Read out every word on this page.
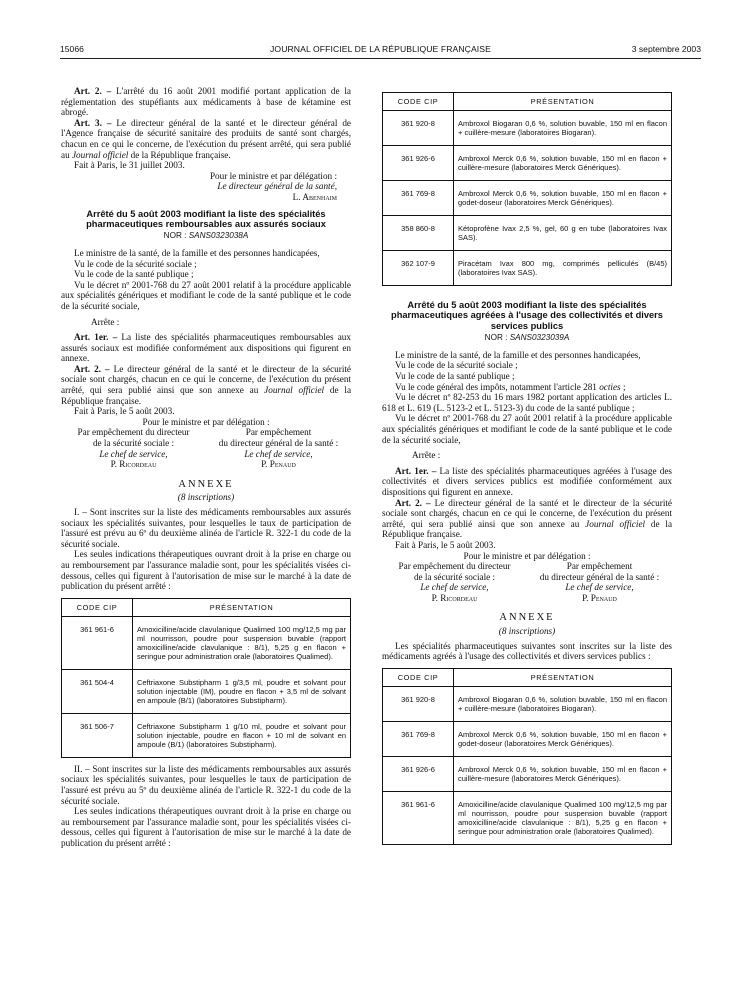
15066	JOURNAL OFFICIEL DE LA RÉPUBLIQUE FRANÇAISE	3 septembre 2003

Art. 2. – L'arrêté du 16 août 2001 modifié portant application de la réglementation des stupéfiants aux médicaments à base de kétamine est abrogé.

Art. 3. – Le directeur général de la santé et le directeur général de l'Agence française de sécurité sanitaire des produits de santé sont chargés, chacun en ce qui le concerne, de l'exécution du présent arrêté, qui sera publié au Journal officiel de la République française.

Fait à Paris, le 31 juillet 2003.

Pour le ministre et par délégation :
Le directeur général de la santé,
L. Abenhaim
Arrêté du 5 août 2003 modifiant la liste des spécialités pharmaceutiques remboursables aux assurés sociaux
NOR : SANS0323038A

Le ministre de la santé, de la famille et des personnes handicapées,

Vu le code de la sécurité sociale ;

Vu le code de la santé publique ;

Vu le décret nº 2001-768 du 27 août 2001 relatif à la procédure applicable aux spécialités génériques et modifiant le code de la santé publique et le code de la sécurité sociale,

Arrête :

Art. 1er. – La liste des spécialités pharmaceutiques remboursables aux assurés sociaux est modifiée conformément aux dispositions qui figurent en annexe.

Art. 2. – Le directeur général de la santé et le directeur de la sécurité sociale sont chargés, chacun en ce qui le concerne, de l'exécution du présent arrêté, qui sera publié ainsi que son annexe au Journal officiel de la République française.

Fait à Paris, le 5 août 2003.

Pour le ministre et par délégation :

Par empêchement du directeur
de la sécurité sociale :
Le chef de service,
P. Ricordeau
Par empêchement
du directeur général de la santé :
Le chef de service,
P. Penaud
ANNEXE
(8 inscriptions)

I. – Sont inscrites sur la liste des médicaments remboursables aux assurés sociaux les spécialités suivantes, pour lesquelles le taux de participation de l'assuré est prévu au 6º du deuxième alinéa de l'article R. 322-1 du code de la sécurité sociale.

Les seules indications thérapeutiques ouvrant droit à la prise en charge ou au remboursement par l'assurance maladie sont, pour les spécialités visées ci-dessous, celles qui figurent à l'autorisation de mise sur le marché à la date de publication du présent arrêté :

CODE CIP	PRÉSENTATION
361 961-6	Amoxicilline/acide clavulanique Qualimed 100 mg/12,5 mg par ml nourrisson, poudre pour suspension buvable (rapport amoxicilline/acide clavulanique : 8/1), 5,25 g en flacon + seringue pour administration orale (laboratoires Qualimed).
361 504-4	Ceftriaxone Substipharm 1 g/3,5 ml, poudre et solvant pour solution injectable (IM), poudre en flacon + 3,5 ml de solvant en ampoule (B/1) (laboratoires Substipharm).
361 506-7	Ceftriaxone Substipharm 1 g/10 ml, poudre et solvant pour solution injectable, poudre en flacon + 10 ml de solvant en ampoule (B/1) (laboratoires Substipharm).

II. – Sont inscrites sur la liste des médicaments remboursables aux assurés sociaux les spécialités suivantes, pour lesquelles le taux de participation de l'assuré est prévu au 5º du deuxième alinéa de l'article R. 322-1 du code de la sécurité sociale.

Les seules indications thérapeutiques ouvrant droit à la prise en charge ou au remboursement par l'assurance maladie sont, pour les spécialités visées ci-dessous, celles qui figurent à l'autorisation de mise sur le marché à la date de publication du présent arrêté :

CODE CIP	PRÉSENTATION
361 920-8	Ambroxol Biogaran 0,6 %, solution buvable, 150 ml en flacon + cuillère-mesure (laboratoires Biogaran).
361 926-6	Ambroxol Merck 0,6 %, solution buvable, 150 ml en flacon + cuillère-mesure (laboratoires Merck Génériques).
361 769-8	Ambroxol Merck 0,6 %, solution buvable, 150 ml en flacon + godet-doseur (laboratoires Merck Génériques).
358 860-8	Kétoprofène Ivax 2,5 %, gel, 60 g en tube (laboratoires Ivax SAS).
362 107-9	Piracétam Ivax 800 mg, comprimés pelliculés (B/45) (laboratoires Ivax SAS).
Arrêté du 5 août 2003 modifiant la liste des spécialités pharmaceutiques agréées à l'usage des collectivités et divers services publics
NOR : SANS0323039A

Le ministre de la santé, de la famille et des personnes handicapées,

Vu le code de la sécurité sociale ;

Vu le code de la santé publique ;

Vu le code général des impôts, notamment l'article 281 octies ;

Vu le décret nº 82-253 du 16 mars 1982 portant application des articles L. 618 et L. 619 (L. 5123-2 et L. 5123-3) du code de la santé publique ;

Vu le décret nº 2001-768 du 27 août 2001 relatif à la procédure applicable aux spécialités génériques et modifiant le code de la santé publique et le code de la sécurité sociale,

Arrête :

Art. 1er. – La liste des spécialités pharmaceutiques agréées à l'usage des collectivités et divers services publics est modifiée conformément aux dispositions qui figurent en annexe.

Art. 2. – Le directeur général de la santé et le directeur de la sécurité sociale sont chargés, chacun en ce qui le concerne, de l'exécution du présent arrêté, qui sera publié ainsi que son annexe au Journal officiel de la République française.

Fait à Paris, le 5 août 2003.

Pour le ministre et par délégation :

Par empêchement du directeur
de la sécurité sociale :
Le chef de service,
P. Ricordeau
Par empêchement
du directeur général de la santé :
Le chef de service,
P. Penaud
ANNEXE
(8 inscriptions)

Les spécialités pharmaceutiques suivantes sont inscrites sur la liste des médicaments agréés à l'usage des collectivités et divers services publics :

CODE CIP	PRÉSENTATION
361 920-8	Ambroxol Biogaran 0,6 %, solution buvable, 150 ml en flacon + cuillère-mesure (laboratoires Biogaran).
361 769-8	Ambroxol Merck 0,6 %, solution buvable, 150 ml en flacon + godet-doseur (laboratoires Merck Génériques).
361 926-6	Ambroxol Merck 0,6 %, solution buvable, 150 ml en flacon + cuillère-mesure (laboratoires Merck Génériques).
361 961-6	Amoxicilline/acide clavulanique Qualimed 100 mg/12,5 mg par ml nourrisson, poudre pour suspension buvable (rapport amoxicilline/acide clavulanique : 8/1), 5,25 g en flacon + seringue pour administration orale (laboratoires Qualimed).
